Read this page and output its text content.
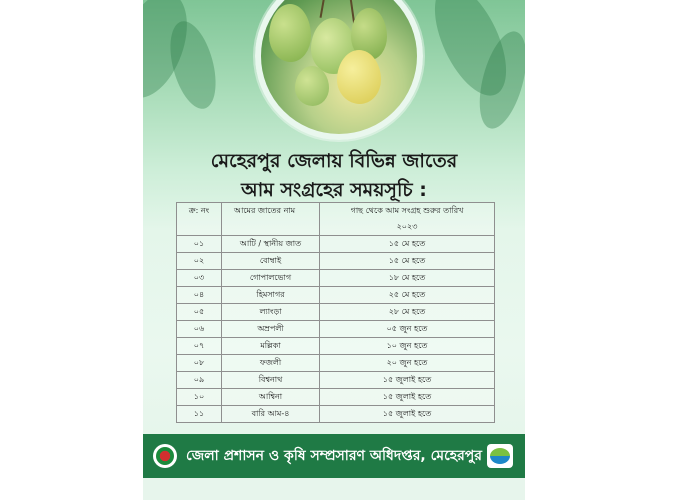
মেহেরপুর জেলায় বিভিন্ন জাতের
আম সংগ্রহের সময়সূচি :
ক্র: নং	আমের জাতের নাম	গাছ থেকে আম সংগ্রহ শুরুর তারিখ
		২০২৩
০১	আটি / স্থানীয় জাত	১৫ মে হতে
০২	বোম্বাই	১৫ মে হতে
০৩	গোপালভোগ	১৮ মে হতে
০৪	হিমসাগর	২৫ মে হতে
০৫	ল্যাংড়া	২৮ মে হতে
০৬	অম্রপলী	০৫ জুন হতে
০৭	মল্লিকা	১০ জুন হতে
০৮	ফজলী	২০ জুন হতে
০৯	বিশ্বনাথ	১৫ জুলাই হতে
১০	আশ্বিনা	১৫ জুলাই হতে
১১	বারি আম-৪	১৫ জুলাই হতে
জেলা প্রশাসন ও কৃষি সম্প্রসারণ অধিদপ্তর, মেহেরপুর
